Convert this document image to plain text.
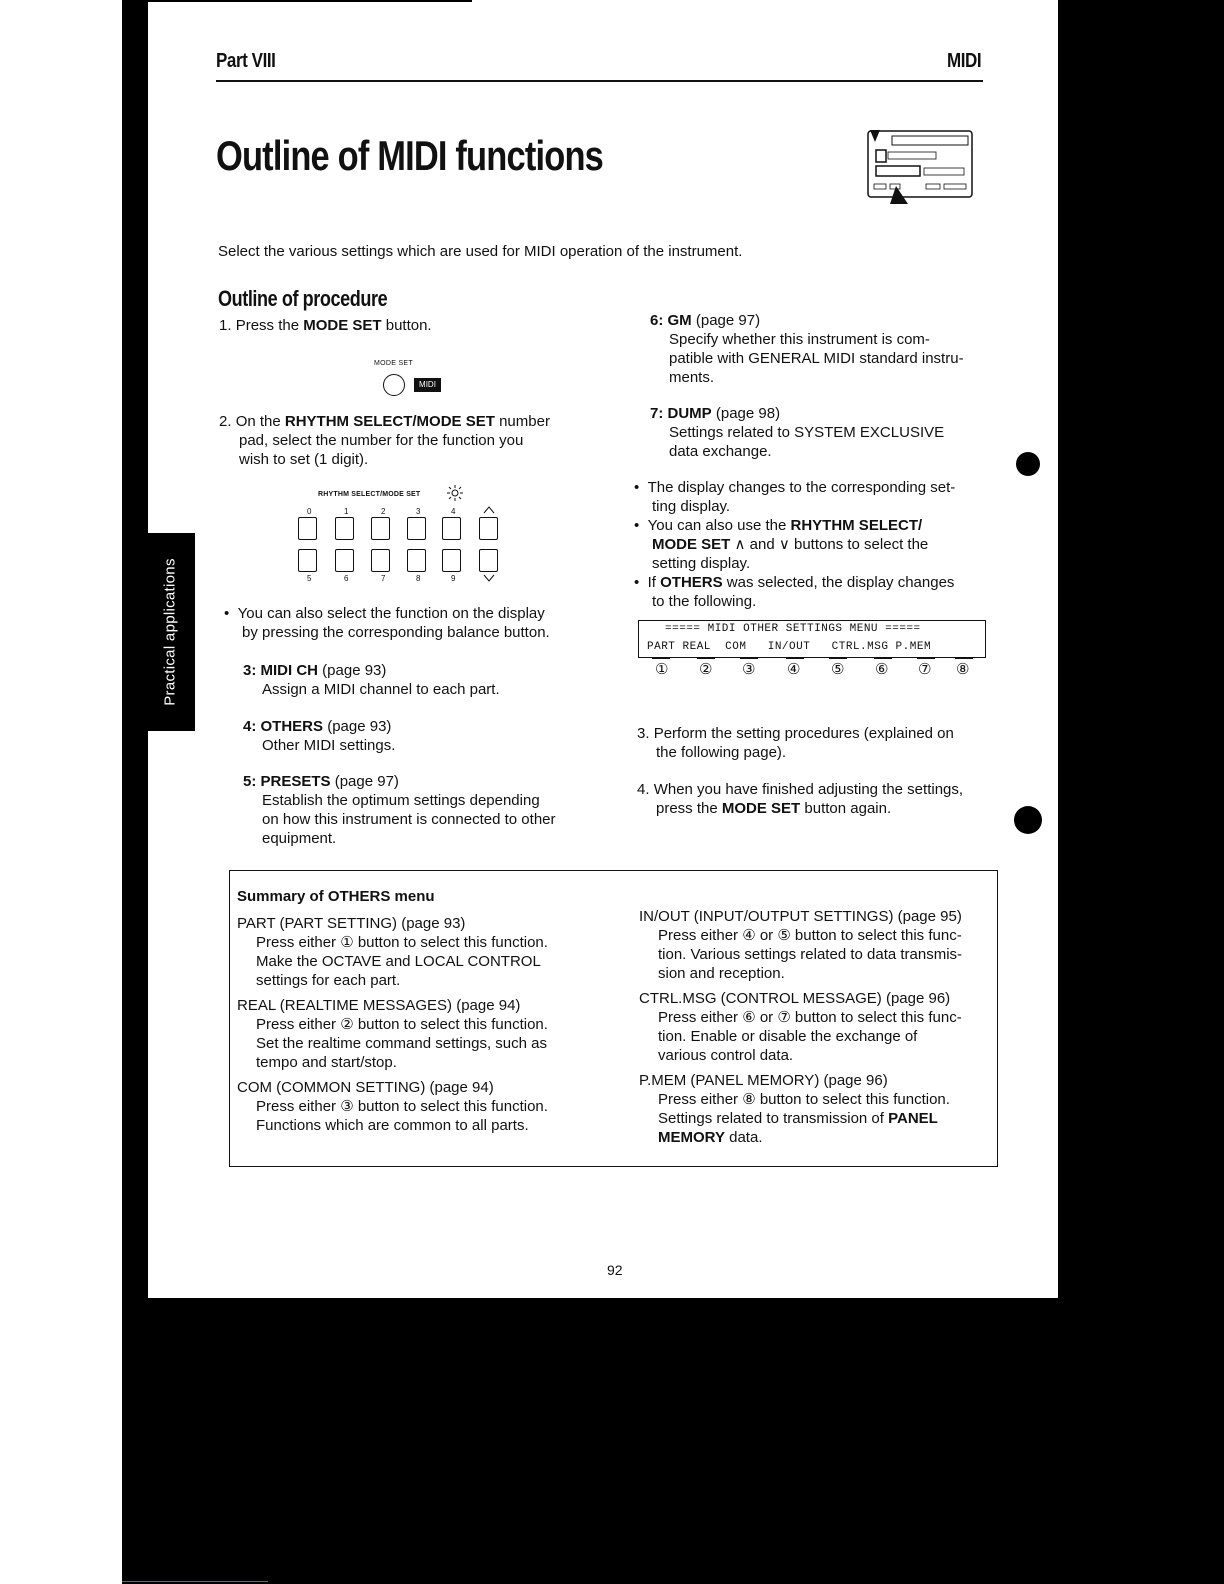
Practical applications
Part VIII	MIDI
Outline of MIDI functions

Select the various settings which are used for MIDI operation of the instrument.

Outline of procedure

1. Press the MODE SET button.

MODE SET
MIDI
2. On the RHYTHM SELECT/MODE SET number
pad, select the number for the function you
wish to set (1 digit).
RHYTHM SELECT/MODE SET
0	1	2	3	4
5	6	7	8	9
•  You can also select the function on the display
by pressing the corresponding balance button.
3: MIDI CH (page 93)
Assign a MIDI channel to each part.
4: OTHERS (page 93)
Other MIDI settings.
5: PRESETS (page 97)
Establish the optimum settings depending
on how this instrument is connected to other
equipment.
6: GM (page 97)
Specify whether this instrument is com-
patible with GENERAL MIDI standard instru-
ments.
7: DUMP (page 98)
Settings related to SYSTEM EXCLUSIVE
data exchange.
•  The display changes to the corresponding set-
ting display.
•  You can also use the RHYTHM SELECT/
MODE SET ∧ and ∨ buttons to select the
setting display.
•  If OTHERS was selected, the display changes
to the following.
===== MIDI OTHER SETTINGS MENU =====
PART REAL  COM   IN/OUT   CTRL.MSG P.MEM
① ② ③ ④ ⑤ ⑥ ⑦ ⑧
3. Perform the setting procedures (explained on
the following page).
4. When you have finished adjusting the settings,
press the MODE SET button again.
Summary of OTHERS menu
PART (PART SETTING) (page 93)
Press either ① button to select this function.
Make the OCTAVE and LOCAL CONTROL
settings for each part.
REAL (REALTIME MESSAGES) (page 94)
Press either ② button to select this function.
Set the realtime command settings, such as
tempo and start/stop.
COM (COMMON SETTING) (page 94)
Press either ③ button to select this function.
Functions which are common to all parts.
IN/OUT (INPUT/OUTPUT SETTINGS) (page 95)
Press either ④ or ⑤ button to select this func-
tion. Various settings related to data transmis-
sion and reception.
CTRL.MSG (CONTROL MESSAGE) (page 96)
Press either ⑥ or ⑦ button to select this func-
tion. Enable or disable the exchange of
various control data.
P.MEM (PANEL MEMORY) (page 96)
Press either ⑧ button to select this function.
Settings related to transmission of PANEL
MEMORY data.
92
